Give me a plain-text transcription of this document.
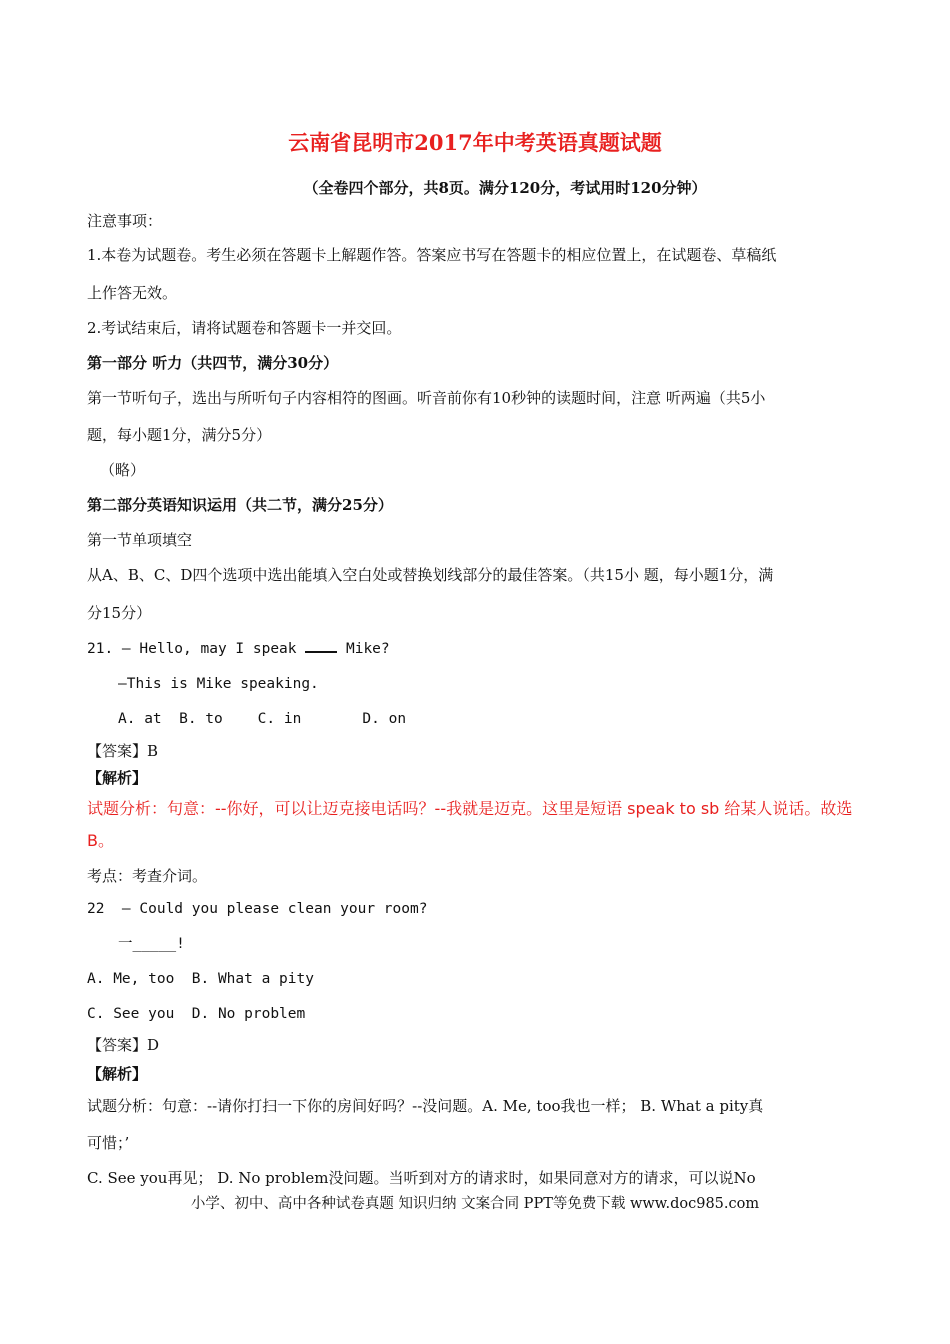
云南省昆明市2017年中考英语真题试题
（全卷四个部分，共8页。满分120分，考试用时120分钟）
注意事项：
1.本卷为试题卷。考生必须在答题卡上解题作答。答案应书写在答题卡的相应位置上，在试题卷、草稿纸
上作答无效。
2.考试结束后，请将试题卷和答题卡一并交回。
第一部分 听力（共四节，满分30分）
第一节听句子，选出与所听句子内容相符的图画。听音前你有10秒钟的读题时间，注意 听两遍（共5小
题，每小题1分，满分5分）
（略）
第二部分英语知识运用（共二节，满分25分）
第一节单项填空
从A、B、C、D四个选项中选出能填入空白处或替换划线部分的最佳答案。（共15小 题，每小题1分，满
分15分）
21. — Hello, may I speak  Mike?
—This is Mike speaking.
A. at  B. to    C. in       D. on
【答案】B
【解析】
试题分析：句意：--你好，可以让迈克接电话吗？--我就是迈克。这里是短语 speak to sb 给某人说话。故选
B。
考点：考查介词。
22  — Could you please clean your room?
一_____!
A. Me, too  B. What a pity
C. See you  D. No problem
【答案】D
【解析】
试题分析：句意：--请你打扫一下你的房间好吗？--没问题。A. Me, too我也一样； B. What a pity真
可惜；’
C. See you再见； D. No problem没问题。当听到对方的请求时，如果同意对方的请求，可以说No
小学、初中、高中各种试卷真题 知识归纳 文案合同 PPT等免费下载 www.doc985.com
